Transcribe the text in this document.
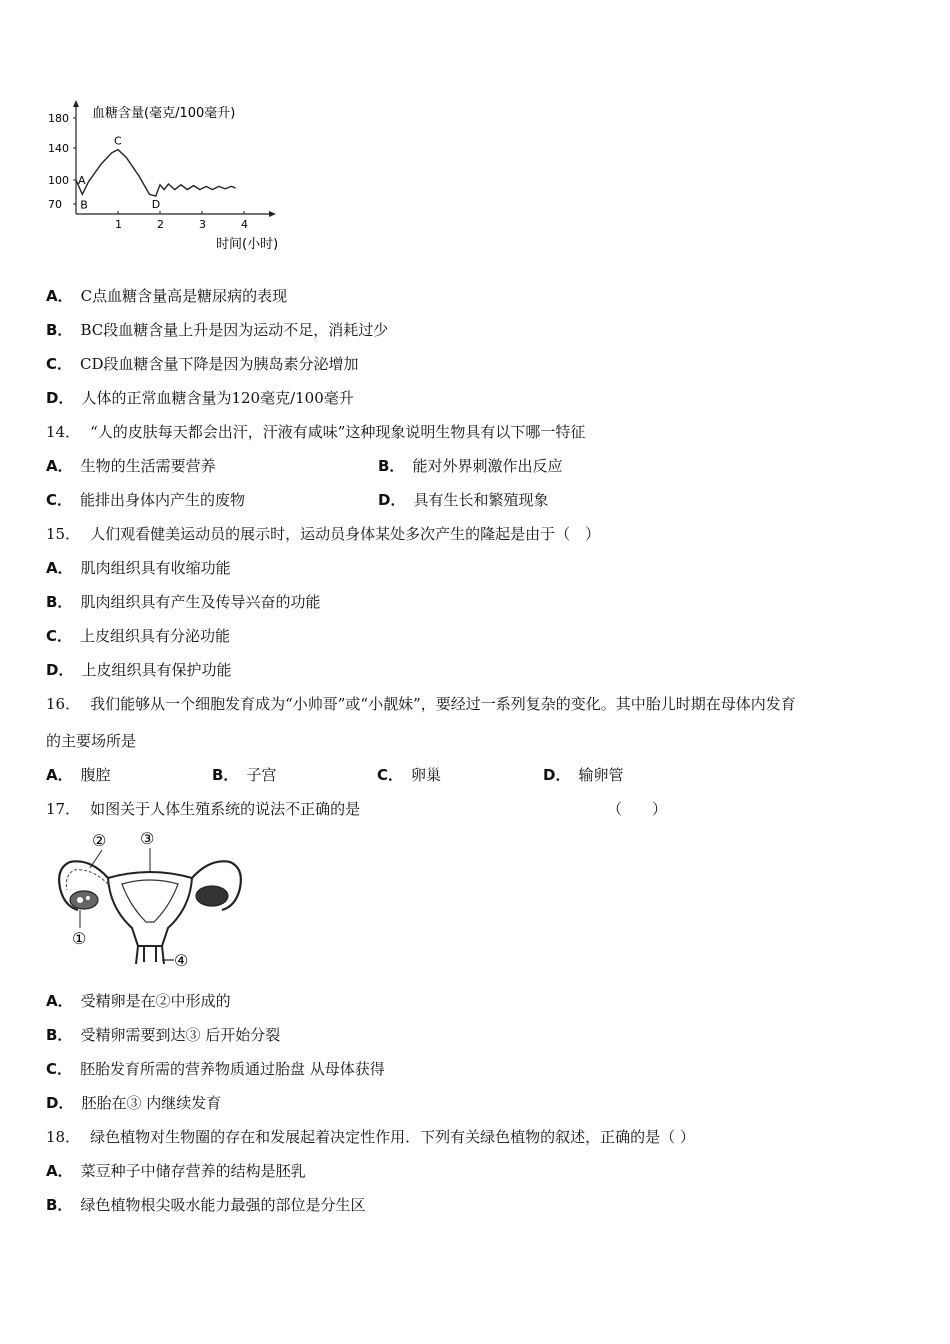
血糖含量(毫克/100毫升)
时间(小时)
180
140
100
70
1	2	3	4
A
B
C
D
A． C点血糖含量高是糖尿病的表现
B． BC段血糖含量上升是因为运动不足，消耗过少
C． CD段血糖含量下降是因为胰岛素分泌增加
D． 人体的正常血糖含量为120毫克/100毫升
14． “人的皮肤每天都会出汗，汗液有咸味”这种现象说明生物具有以下哪一特征
A． 生物的生活需要营养	B． 能对外界刺激作出反应
C． 能排出身体内产生的废物	D． 具有生长和繁殖现象
15． 人们观看健美运动员的展示时，运动员身体某处多次产生的隆起是由于（　）
A． 肌肉组织具有收缩功能
B． 肌肉组织具有产生及传导兴奋的功能
C． 上皮组织具有分泌功能
D． 上皮组织具有保护功能
16． 我们能够从一个细胞发育成为“小帅哥”或“小靓妹”，要经过一系列复杂的变化。其中胎儿时期在母体内发育
的主要场所是
A． 腹腔	B． 子宫	C． 卵巢	D． 输卵管
17． 如图关于人体生殖系统的说法不正确的是	（　　）
①
② ③
④
A． 受精卵是在②中形成的
B． 受精卵需要到达③ 后开始分裂
C． 胚胎发育所需的营养物质通过胎盘 从母体获得
D． 胚胎在③ 内继续发育
18． 绿色植物对生物圈的存在和发展起着决定性作用．下列有关绿色植物的叙述，正确的是（ ）
A． 菜豆种子中储存营养的结构是胚乳
B． 绿色植物根尖吸水能力最强的部位是分生区
